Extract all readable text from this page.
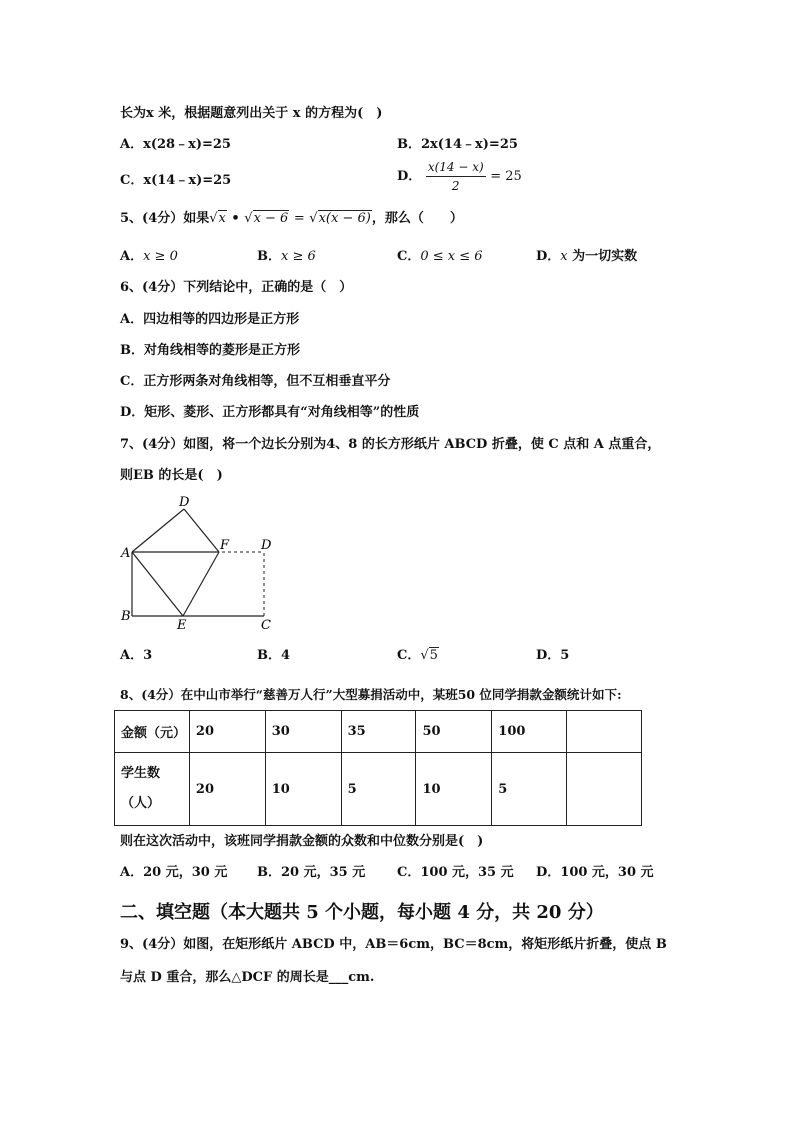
长为x 米，根据题意列出关于 x 的方程为(　)
A．x(28﹣x)=25	B．2x(14﹣x)=25
C．x(14﹣x)=25	D． $\frac{x(14 - x)}{2} = 25$
5、(4分）如果√x • √x − 6 = √x(x − 6)，那么（　　）
A．x ≥ 0	B．x ≥ 6	C．0 ≤ x ≤ 6	D．x 为一切实数
6、(4分）下列结论中，正确的是（　）
A．四边相等的四边形是正方形
B．对角线相等的菱形是正方形
C．正方形两条对角线相等，但不互相垂直平分
D．矩形、菱形、正方形都具有“对角线相等”的性质
7、(4分）如图，将一个边长分别为4、8 的长方形纸片 ABCD 折叠，使 C 点和 A 点重合，
则EB 的长是(　)
D
A
F D
B
E	C
A．3	B．4	C．√5	D．5
8、(4分）在中山市举行“慈善万人行”大型募捐活动中，某班50 位同学捐款金额统计如下:
金额（元）	20	30	35	50	100	
学生数
（人）	20	10	5	10	5	
则在这次活动中，该班同学捐款金额的众数和中位数分别是(　)
A．20 元，30 元 B．20 元，35 元 C．100 元，35 元 D．100 元，30 元
二、填空题（本大题共 5 个小题，每小题 4 分，共 20 分）
9、(4分）如图，在矩形纸片 ABCD 中，AB＝6cm，BC＝8cm，将矩形纸片折叠，使点 B
与点 D 重合，那么△DCF 的周长是___cm.
